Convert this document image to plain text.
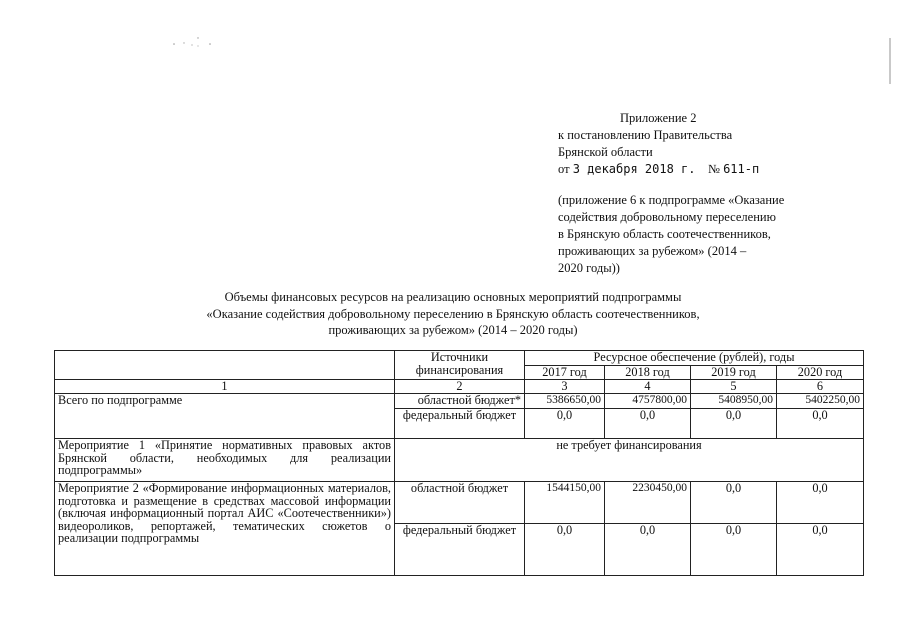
Приложение 2
к постановлению Правительства
Брянской области
от 3 декабря 2018 г. № 611-п
(приложение 6 к подпрограмме «Оказание
содействия добровольному переселению
в Брянскую область соотечественников,
проживающих за рубежом» (2014 –
2020 годы))
Объемы финансовых ресурсов на реализацию основных мероприятий подпрограммы
«Оказание содействия добровольному переселению в Брянскую область соотечественников,
проживающих за рубежом» (2014 – 2020 годы)
	Источники финансирования	Ресурсное обеспечение (рублей), годы			
		2017 год	2018 год	2019 год	2020 год
1	2	3	4	5	6
Всего по подпрограмме	областной бюджет*	5386650,00	4757800,00	5408950,00	5402250,00
	федеральный бюджет	0,0	0,0	0,0	0,0
Мероприятие 1 «Принятие нормативных правовых актов Брянской области, необходимых для реализации подпрограммы»	не требует финансирования				
Мероприятие 2 «Формирование информационных материалов, подготовка и размещение в средствах массовой информации (включая информационный портал АИС «Соотечественники») видеороликов, репортажей, тематических сюжетов о реализации подпрограммы	областной бюджет	1544150,00	2230450,00	0,0	0,0
	федеральный бюджет	0,0	0,0	0,0	0,0
